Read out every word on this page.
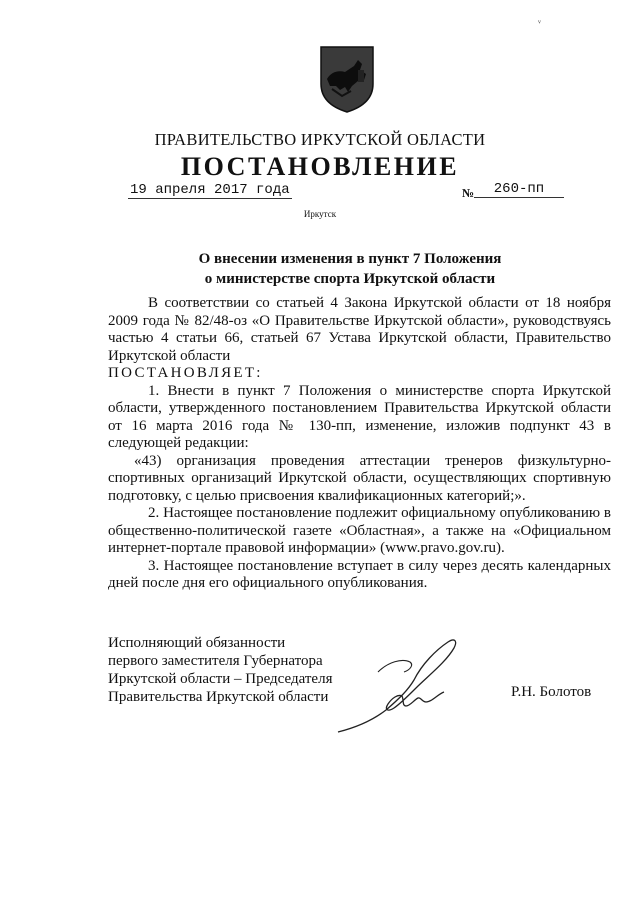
ᵛ
ПРАВИТЕЛЬСТВО ИРКУТСКОЙ ОБЛАСТИ
ПОСТАНОВЛЕНИЕ
19 апреля 2017 года	№	260-пп
Иркутск
О внесении изменения в пункт 7 Положения
о министерстве спорта Иркутской области

В соответствии со статьей 4 Закона Иркутской области от 18 ноября 2009 года № 82/48-оз «О Правительстве Иркутской области», руководствуясь частью 4 статьи 66, статьей 67 Устава Иркутской области, Правительство Иркутской области

ПОСТАНОВЛЯЕТ:

1. Внести в пункт 7 Положения о министерстве спорта Иркутской области, утвержденного постановлением Правительства Иркутской области от 16 марта 2016 года № 130-пп, изменение, изложив подпункт 43 в следующей редакции:

«43) организация проведения аттестации тренеров физкультурно-спортивных организаций Иркутской области, осуществляющих спортивную подготовку, с целью присвоения квалификационных категорий;».

2. Настоящее постановление подлежит официальному опубликованию в общественно-политической газете «Областная», а также на «Официальном интернет-портале правовой информации» (www.pravo.gov.ru).

3. Настоящее постановление вступает в силу через десять календарных дней после дня его официального опубликования.

Исполняющий обязанности
первого заместителя Губернатора
Иркутской области – Председателя
Правительства Иркутской области	Р.Н. Болотов
